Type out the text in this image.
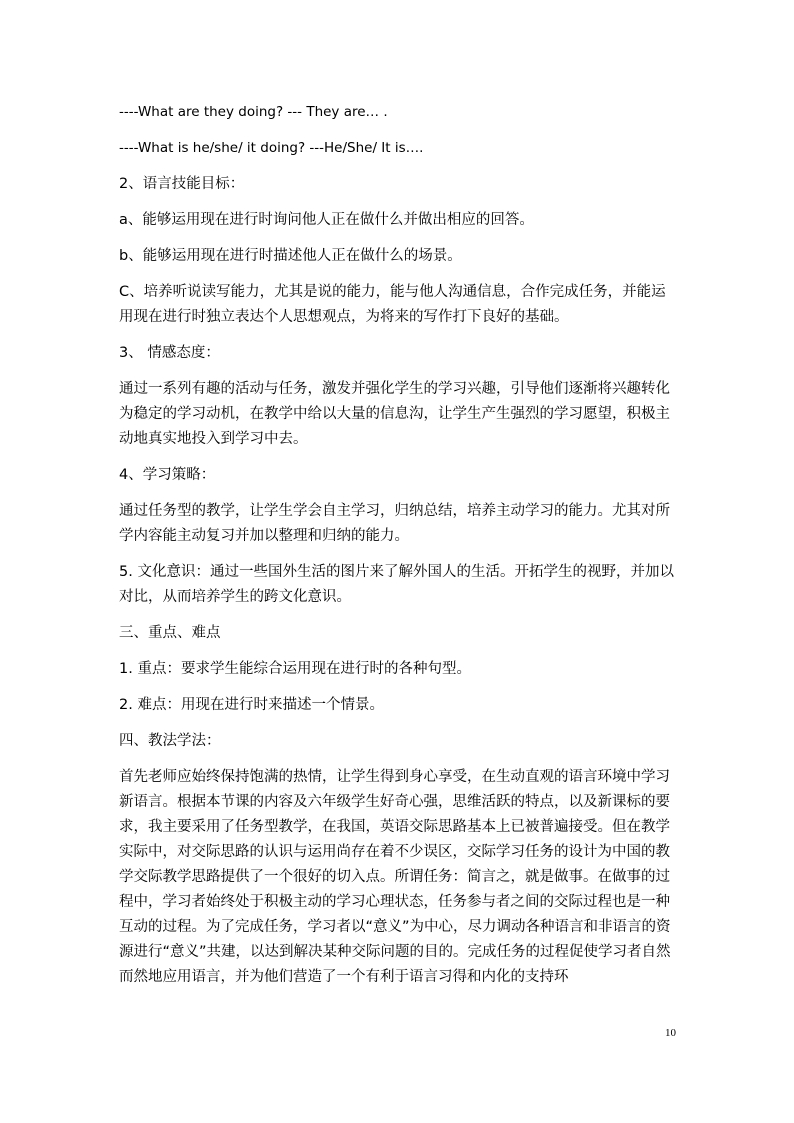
----What are they doing? --- They are… .

----What is he/she/ it doing? ---He/She/ It is….

2、语言技能目标：

a、能够运用现在进行时询问他人正在做什么并做出相应的回答。

b、能够运用现在进行时描述他人正在做什么的场景。

C、培养听说读写能力，尤其是说的能力，能与他人沟通信息，合作完成任务，并能运用现在进行时独立表达个人思想观点，为将来的写作打下良好的基础。

3、 情感态度：

通过一系列有趣的活动与任务，激发并强化学生的学习兴趣，引导他们逐渐将兴趣转化为稳定的学习动机，在教学中给以大量的信息沟，让学生产生强烈的学习愿望，积极主动地真实地投入到学习中去。

4、学习策略：

通过任务型的教学，让学生学会自主学习，归纳总结，培养主动学习的能力。尤其对所学内容能主动复习并加以整理和归纳的能力。

5. 文化意识：通过一些国外生活的图片来了解外国人的生活。开拓学生的视野，并加以对比，从而培养学生的跨文化意识。

三、重点、难点

1. 重点：要求学生能综合运用现在进行时的各种句型。

2. 难点：用现在进行时来描述一个情景。

四、教法学法：

首先老师应始终保持饱满的热情，让学生得到身心享受，在生动直观的语言环境中学习新语言。根据本节课的内容及六年级学生好奇心强，思维活跃的特点，以及新课标的要求，我主要采用了任务型教学，在我国，英语交际思路基本上已被普遍接受。但在教学实际中，对交际思路的认识与运用尚存在着不少误区，交际学习任务的设计为中国的教学交际教学思路提供了一个很好的切入点。所谓任务：简言之，就是做事。在做事的过程中，学习者始终处于积极主动的学习心理状态，任务参与者之间的交际过程也是一种互动的过程。为了完成任务，学习者以“意义”为中心，尽力调动各种语言和非语言的资源进行“意义”共建，以达到解决某种交际问题的目的。完成任务的过程促使学习者自然而然地应用语言，并为他们营造了一个有利于语言习得和内化的支持环

10
